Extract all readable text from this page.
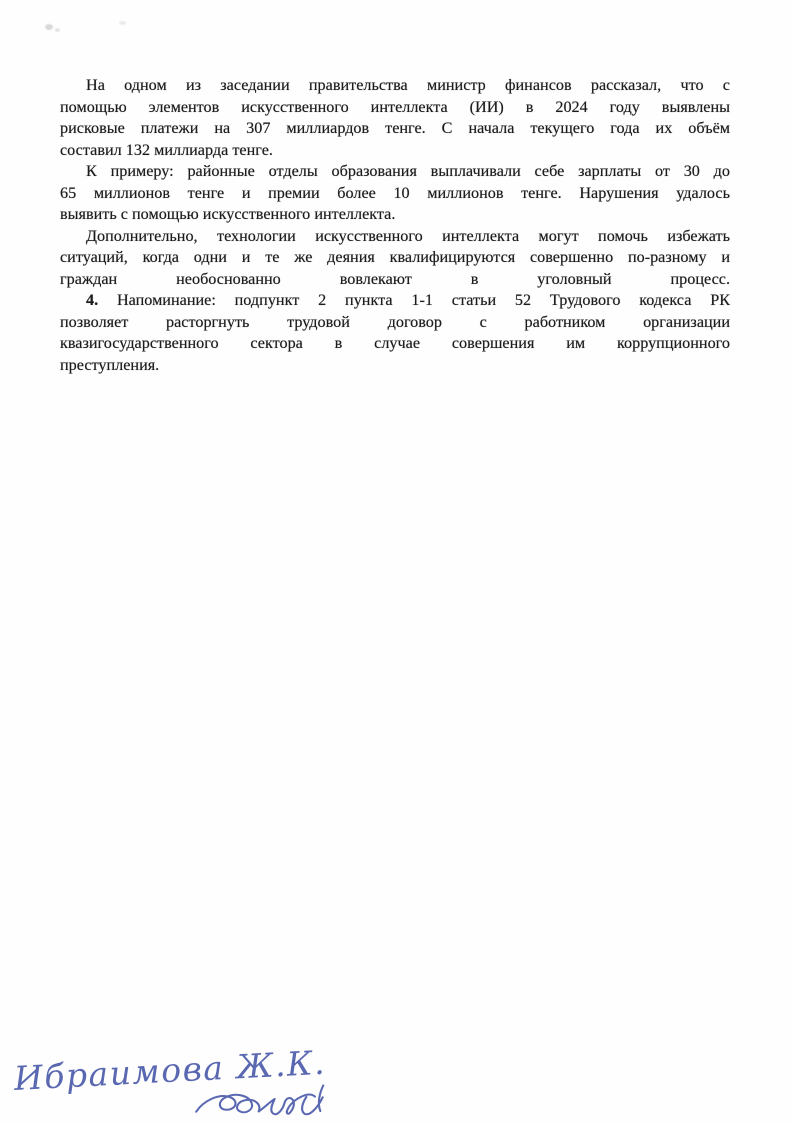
На одном из заседании правительства министр финансов рассказал, что с
помощью элементов искусственного интеллекта (ИИ) в 2024 году выявлены
рисковые платежи на 307 миллиардов тенге. С начала текущего года их объём
составил 132 миллиарда тенге.
К примеру: районные отделы образования выплачивали себе зарплаты от 30 до
65 миллионов тенге и премии более 10 миллионов тенге. Нарушения удалось
выявить с помощью искусственного интеллекта.
Дополнительно, технологии искусственного интеллекта могут помочь избежать
ситуаций, когда одни и те же деяния квалифицируются совершенно по-разному и
граждан необоснованно вовлекают в уголовный процесс.
4. Напоминание: подпункт 2 пункта 1-1 статьи 52 Трудового кодекса РК
позволяет расторгнуть трудовой договор с работником организации
квазигосударственного сектора в случае совершения им коррупционного
преступления.
Ибраимова Ж.К.
